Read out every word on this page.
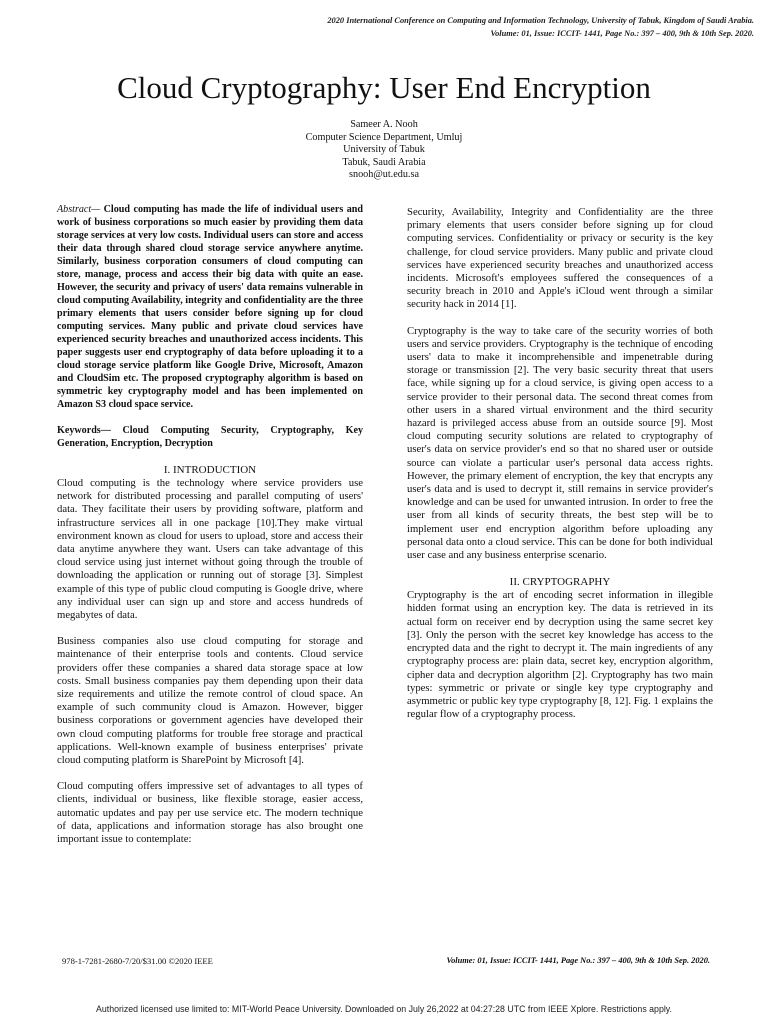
2020 International Conference on Computing and Information Technology, University of Tabuk, Kingdom of Saudi Arabia.
Volume: 01, Issue: ICCIT- 1441, Page No.: 397 – 400, 9th & 10th Sep. 2020.
Cloud Cryptography: User End Encryption
Sameer A. Nooh
Computer Science Department, Umluj
University of Tabuk
Tabuk, Saudi Arabia
snooh@ut.edu.sa

Abstract— Cloud computing has made the life of individual users and work of business corporations so much easier by providing them data storage services at very low costs. Individual users can store and access their data through shared cloud storage service anywhere anytime. Similarly, business corporation consumers of cloud computing can store, manage, process and access their big data with quite an ease. However, the security and privacy of users' data remains vulnerable in cloud computing Availability, integrity and confidentiality are the three primary elements that users consider before signing up for cloud computing services. Many public and private cloud services have experienced security breaches and unauthorized access incidents. This paper suggests user end cryptography of data before uploading it to a cloud storage service platform like Google Drive, Microsoft, Amazon and CloudSim etc. The proposed cryptography algorithm is based on symmetric key cryptography model and has been implemented on Amazon S3 cloud space service.

Keywords— Cloud Computing Security, Cryptography, Key Generation, Encryption, Decryption

I. INTRODUCTION

Cloud computing is the technology where service providers use network for distributed processing and parallel computing of users' data. They facilitate their users by providing software, platform and infrastructure services all in one package [10].They make virtual environment known as cloud for users to upload, store and access their data anytime anywhere they want. Users can take advantage of this cloud service using just internet without going through the trouble of downloading the application or running out of storage [3]. Simplest example of this type of public cloud computing is Google drive, where any individual user can sign up and store and access hundreds of megabytes of data.

Business companies also use cloud computing for storage and maintenance of their enterprise tools and contents. Cloud service providers offer these companies a shared data storage space at low costs. Small business companies pay them depending upon their data size requirements and utilize the remote control of cloud space. An example of such community cloud is Amazon. However, bigger business corporations or government agencies have developed their own cloud computing platforms for trouble free storage and practical applications. Well-known example of business enterprises' private cloud computing platform is SharePoint by Microsoft [4].

Cloud computing offers impressive set of advantages to all types of clients, individual or business, like flexible storage, easier access, automatic updates and pay per use service etc. The modern technique of data, applications and information storage has also brought one important issue to contemplate:

Security, Availability, Integrity and Confidentiality are the three primary elements that users consider before signing up for cloud computing services. Confidentiality or privacy or security is the key challenge, for cloud service providers. Many public and private cloud services have experienced security breaches and unauthorized access incidents. Microsoft's employees suffered the consequences of a security breach in 2010 and Apple's iCloud went through a similar security hack in 2014 [1].

Cryptography is the way to take care of the security worries of both users and service providers. Cryptography is the technique of encoding users' data to make it incomprehensible and impenetrable during storage or transmission [2]. The very basic security threat that users face, while signing up for a cloud service, is giving open access to a service provider to their personal data. The second threat comes from other users in a shared virtual environment and the third security hazard is privileged access abuse from an outside source [9]. Most cloud computing security solutions are related to cryptography of user's data on service provider's end so that no shared user or outside source can violate a particular user's personal data access rights. However, the primary element of encryption, the key that encrypts any user's data and is used to decrypt it, still remains in service provider's knowledge and can be used for unwanted intrusion. In order to free the user from all kinds of security threats, the best step will be to implement user end encryption algorithm before uploading any personal data onto a cloud service. This can be done for both individual user case and any business enterprise scenario.

II. CRYPTOGRAPHY

Cryptography is the art of encoding secret information in illegible hidden format using an encryption key. The data is retrieved in its actual form on receiver end by decryption using the same secret key [3]. Only the person with the secret key knowledge has access to the encrypted data and the right to decrypt it. The main ingredients of any cryptography process are: plain data, secret key, encryption algorithm, cipher data and decryption algorithm [2]. Cryptography has two main types: symmetric or private or single key type cryptography and asymmetric or public key type cryptography [8, 12]. Fig. 1 explains the regular flow of a cryptography process.

978-1-7281-2680-7/20/$31.00 ©2020 IEEE	Volume: 01, Issue: ICCIT- 1441, Page No.: 397 – 400, 9th & 10th Sep. 2020.
Authorized licensed use limited to: MIT-World Peace University. Downloaded on July 26,2022 at 04:27:28 UTC from IEEE Xplore. Restrictions apply.
